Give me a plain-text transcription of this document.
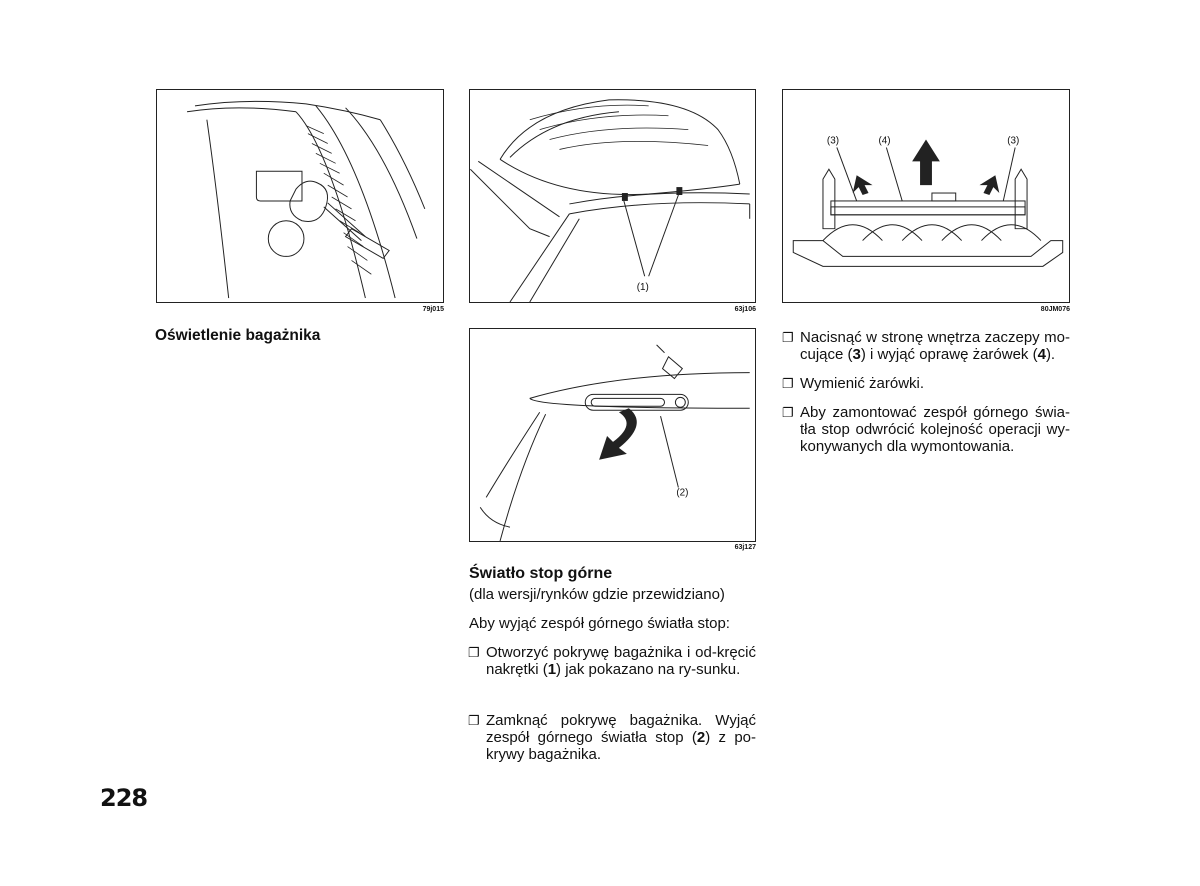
79j015
(1)
63j106
(3)	(4)	(3)
80JM076
(2)
63j127
Oświetlenie bagażnika
Światło stop górne
(dla wersji/rynków gdzie przewidziano)
Aby wyjąć zespół górnego światła stop:
❐ Otworzyć pokrywę bagażnika i od-kręcić nakrętki (1) jak pokazano na ry-sunku.
❐ Zamknąć pokrywę bagażnika. Wyjąć zespół górnego światła stop (2) z po-krywy bagażnika.
❐ Nacisnąć w stronę wnętrza zaczepy mo-cujące (3) i wyjąć oprawę żarówek (4).
❐ Wymienić żarówki.
❐ Aby zamontować zespół górnego świa-tła stop odwrócić kolejność operacji wy-konywanych dla wymontowania.
228
